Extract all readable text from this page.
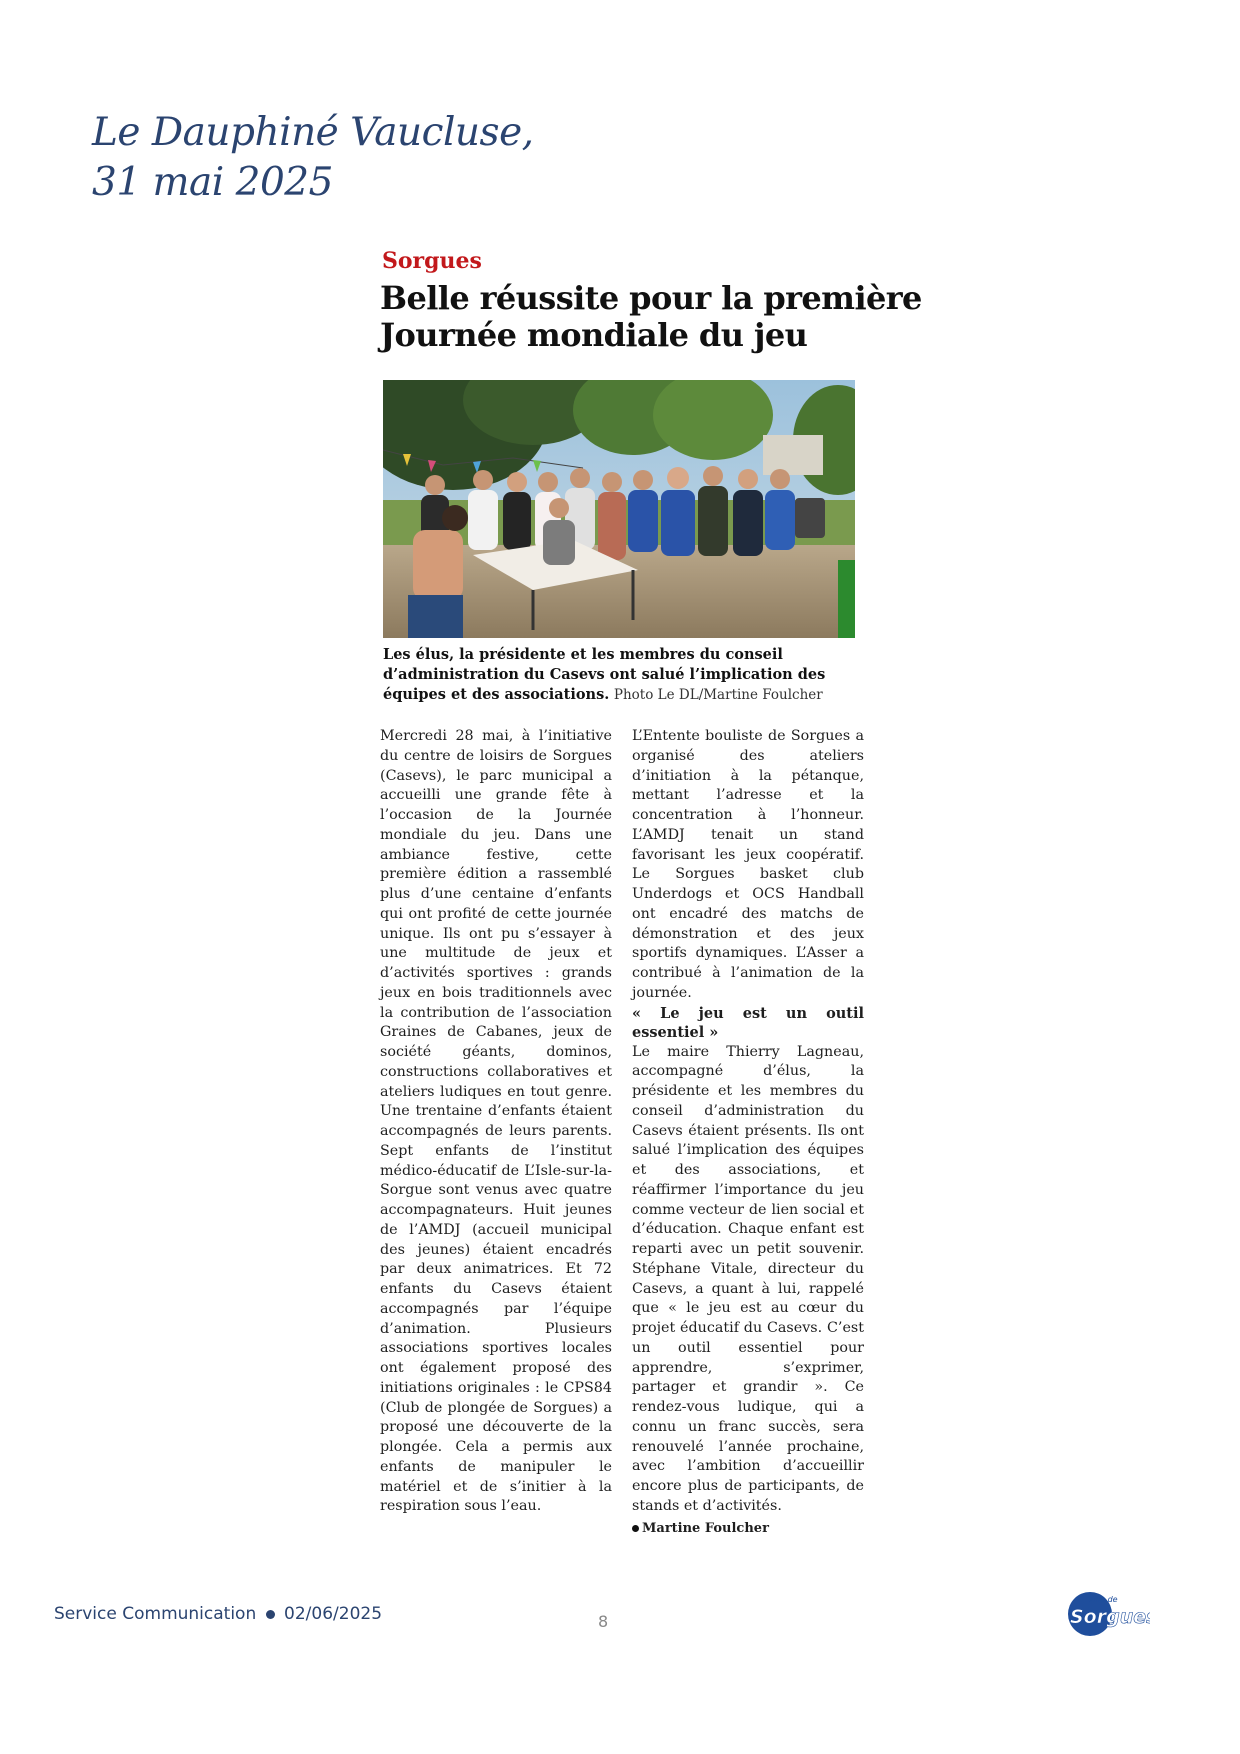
Le Dauphiné Vaucluse,
31 mai 2025
Sorgues
Belle réussite pour la première
Journée mondiale du jeu
Les élus, la présidente et les membres du conseil d’administration du Casevs ont salué l’implication des équipes et des associations. Photo Le DL/Martine Foulcher

Mercredi 28 mai, à l’initiative du centre de loisirs de Sorgues (Casevs), le parc municipal a accueilli une grande fête à l’occasion de la Journée mondiale du jeu. Dans une ambiance festive, cette première édition a rassemblé plus d’une centaine d’enfants qui ont profité de cette journée unique. Ils ont pu s’essayer à une multitude de jeux et d’activités sportives : grands jeux en bois traditionnels avec la contribution de l’association Graines de Cabanes, jeux de société géants, dominos, constructions collaboratives et ateliers ludiques en tout genre. Une trentaine d’enfants étaient accompagnés de leurs parents. Sept enfants de l’institut médico-éducatif de L’Isle-sur-la-Sorgue sont venus avec quatre accompagnateurs. Huit jeunes de l’AMDJ (accueil municipal des jeunes) étaient encadrés par deux animatrices. Et 72 enfants du Casevs étaient accompagnés par l’équipe d’animation. Plusieurs associations sportives locales ont également proposé des initiations originales : le CPS84 (Club de plongée de Sorgues) a proposé une découverte de la plongée. Cela a permis aux enfants de manipuler le matériel et de s’initier à la respiration sous l’eau.

L’Entente bouliste de Sorgues a organisé des ateliers d’initiation à la pétanque, mettant l’adresse et la concentration à l’honneur. L’AMDJ tenait un stand favorisant les jeux coopératif. Le Sorgues basket club Underdogs et OCS Handball ont encadré des matchs de démonstration et des jeux sportifs dynamiques. L’Asser a contribué à l’animation de la journée.

« Le jeu est un outil essentiel »

Le maire Thierry Lagneau, accompagné d’élus, la présidente et les membres du conseil d’administration du Casevs étaient présents. Ils ont salué l’implication des équipes et des associations, et réaffirmer l’importance du jeu comme vecteur de lien social et d’éducation. Chaque enfant est reparti avec un petit souvenir. Stéphane Vitale, directeur du Casevs, a quant à lui, rappelé que « le jeu est au cœur du projet éducatif du Casevs. C’est un outil essentiel pour apprendre, s’exprimer, partager et grandir ». Ce rendez-vous ludique, qui a connu un franc succès, sera renouvelé l’année prochaine, avec l’ambition d’accueillir encore plus de participants, de stands et d’activités.

Martine Foulcher
Service Communication 02/06/2025	8
Ville de
Sorgues
